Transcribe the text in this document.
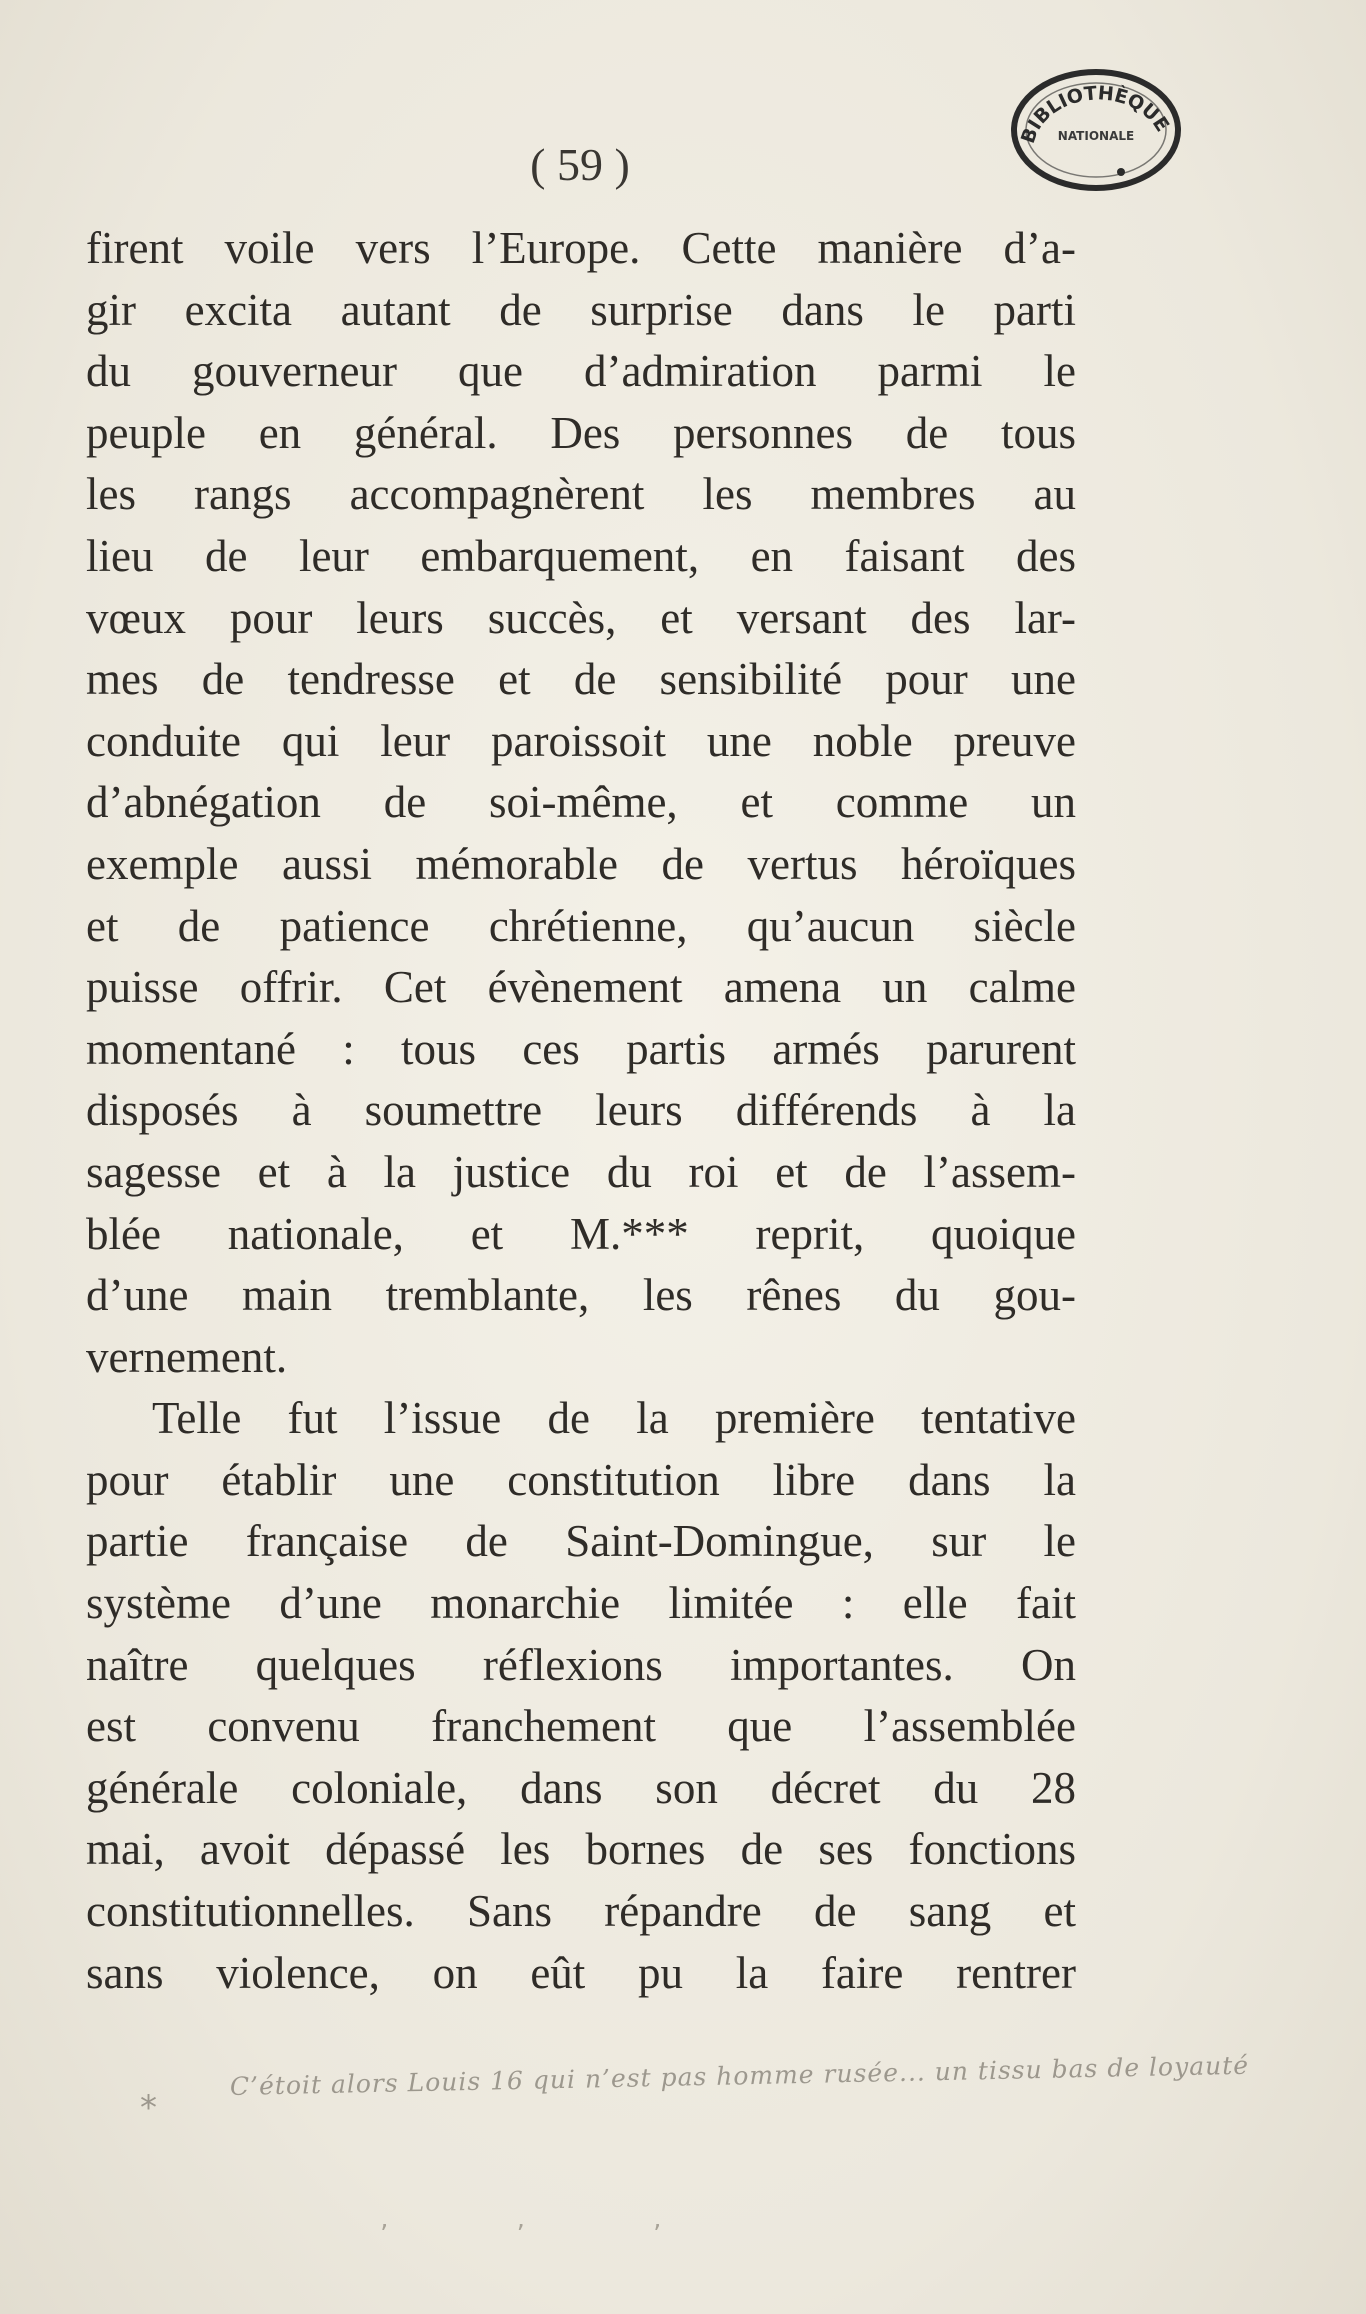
( 59 )
BIBLIOTHÈQUE
NATIONALE
firent voile vers l’Europe. Cette manière d’a-
gir excita autant de surprise dans le parti
du gouverneur que d’admiration parmi le
peuple en général. Des personnes de tous
les rangs accompagnèrent les membres au
lieu de leur embarquement, en faisant des
vœux pour leurs succès, et versant des lar-
mes de tendresse et de sensibilité pour une
conduite qui leur paroissoit une noble preuve
d’abnégation de soi-même, et comme un
exemple aussi mémorable de vertus héroïques
et de patience chrétienne, qu’aucun siècle
puisse offrir. Cet évènement amena un calme
momentané : tous ces partis armés parurent
disposés à soumettre leurs différends à la
sagesse et à la justice du roi et de l’assem-
blée nationale, et M.*** reprit, quoique
d’une main tremblante, les rênes du gou-
vernement.
Telle fut l’issue de la première tentative
pour établir une constitution libre dans la
partie française de Saint-Domingue, sur le
système d’une monarchie limitée : elle fait
naître quelques réflexions importantes. On
est convenu franchement que l’assemblée
générale coloniale, dans son décret du 28
mai, avoit dépassé les bornes de ses fonctions
constitutionnelles. Sans répandre de sang et
sans violence, on eût pu la faire rentrer
*
C’étoit alors Louis 16 qui n’est pas homme rusée... un tissu bas de loyauté
’ ’ ’
